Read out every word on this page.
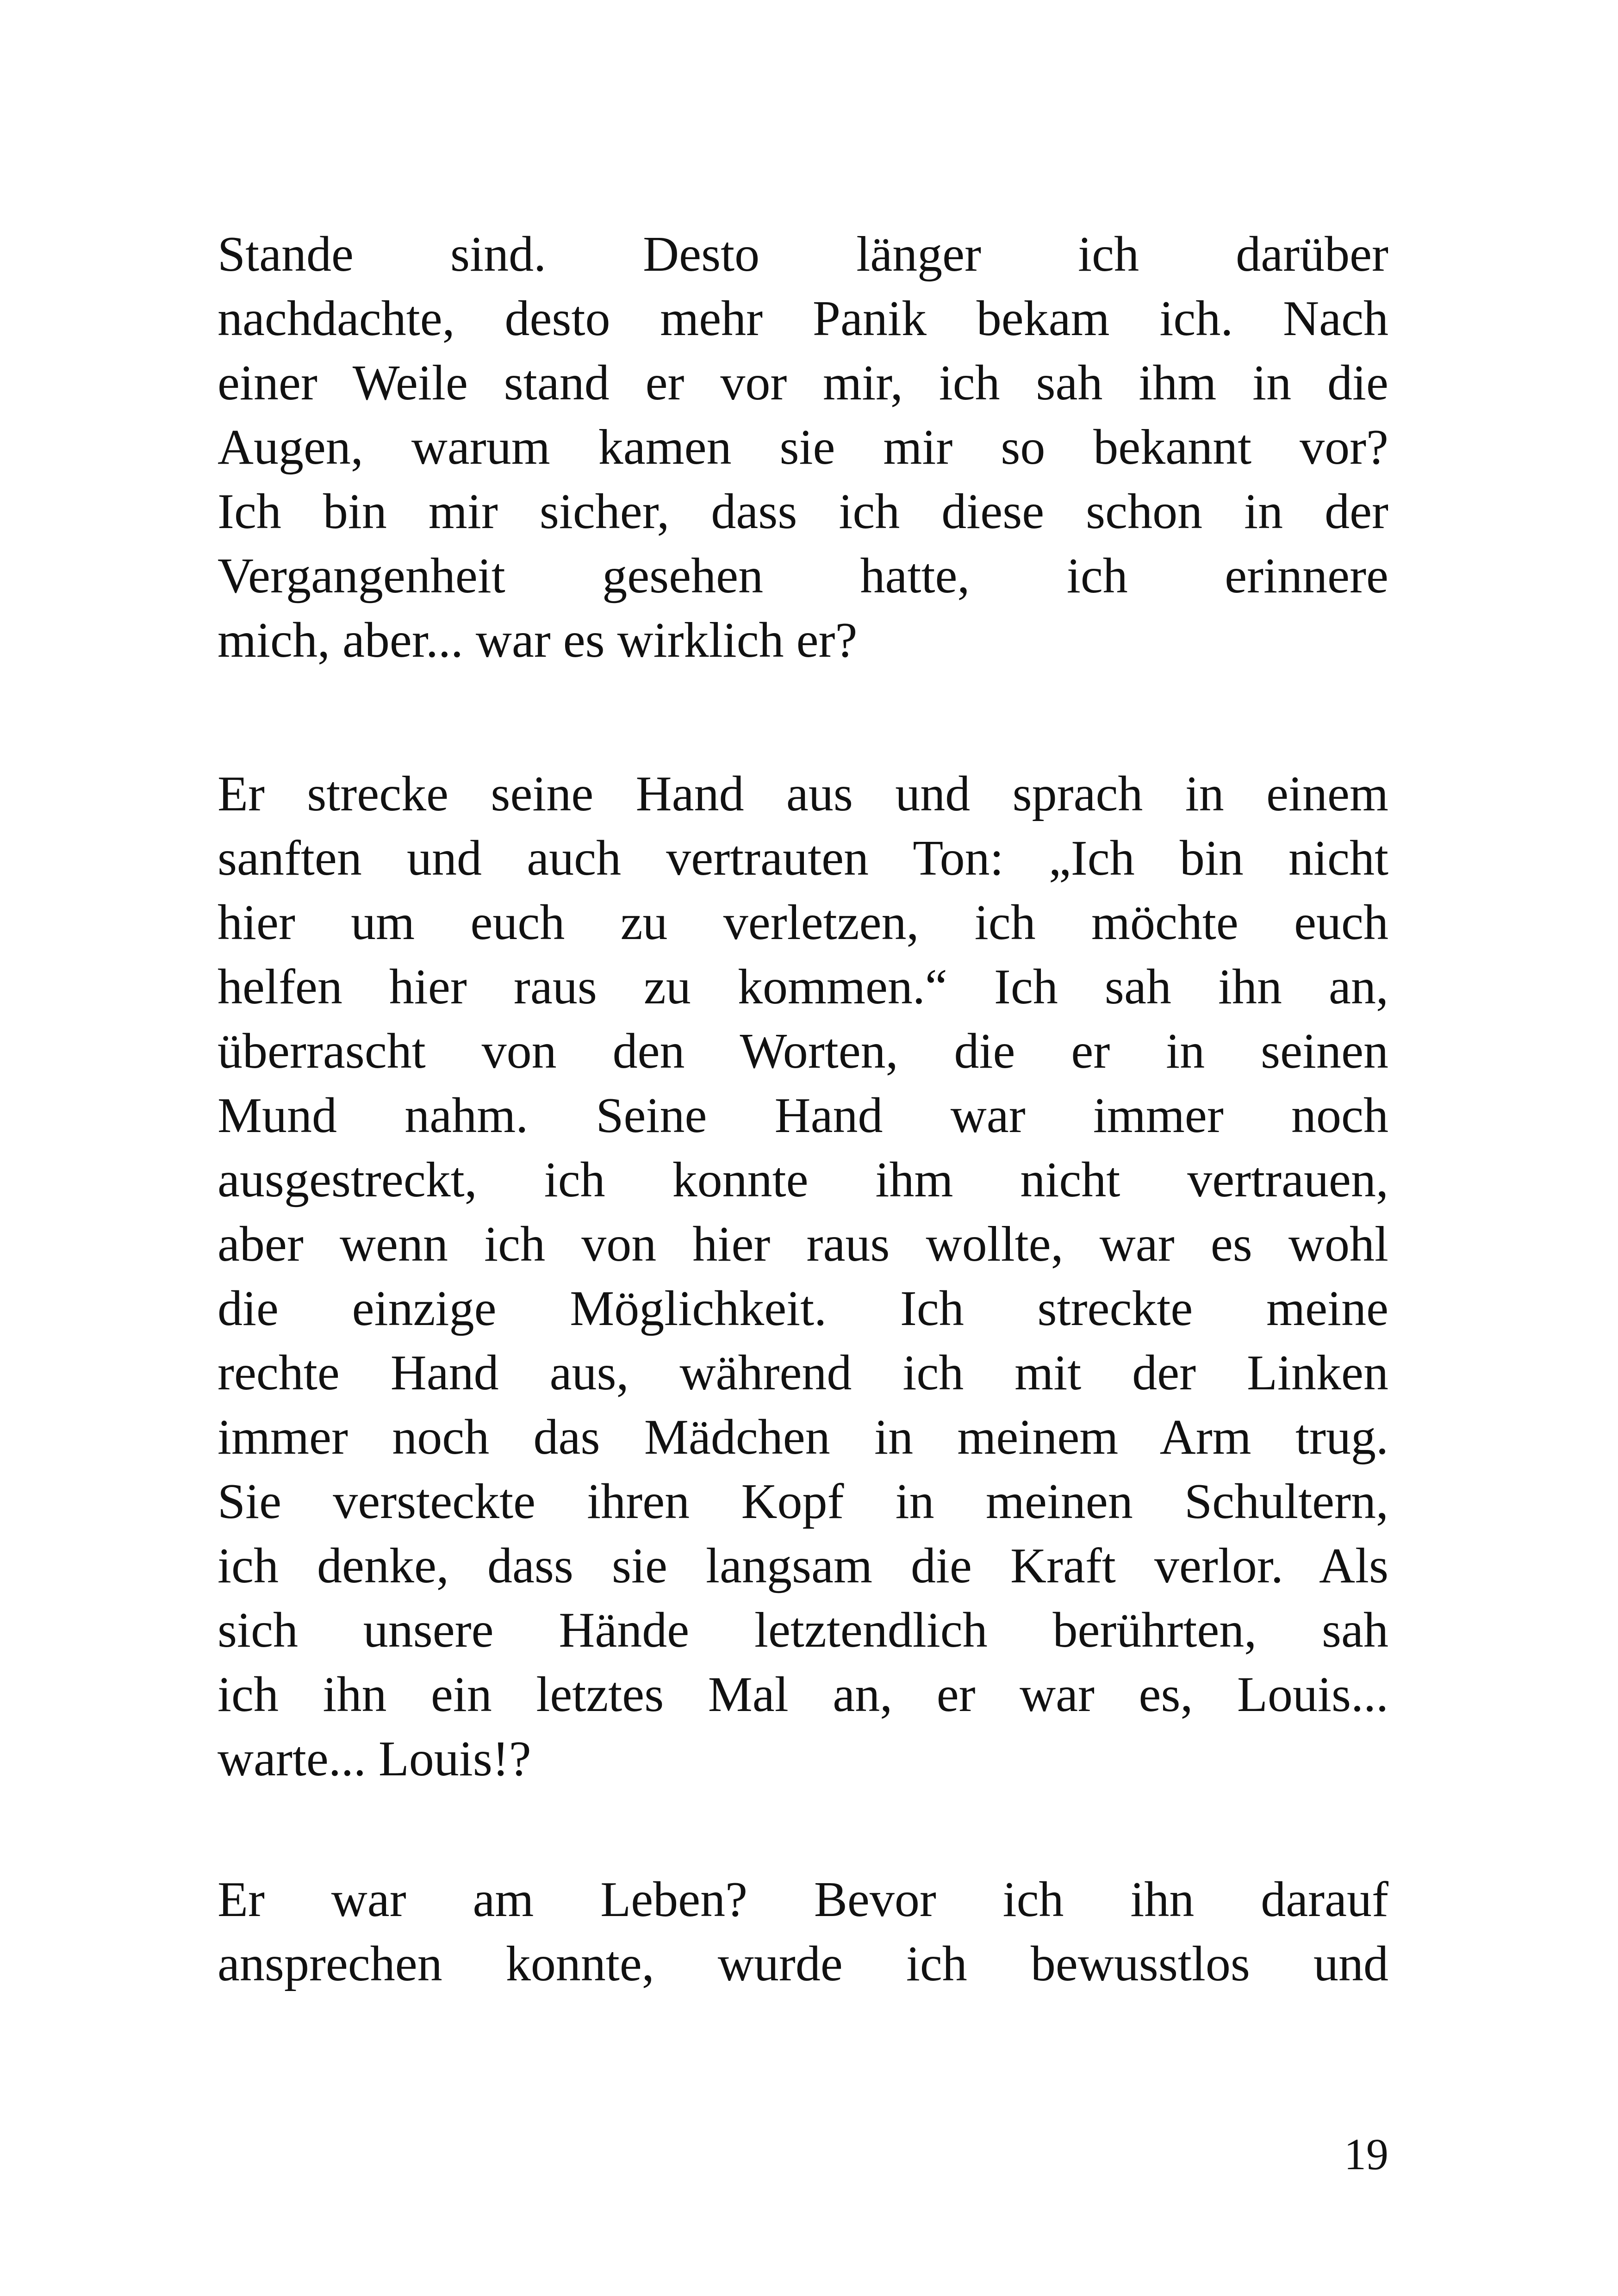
Stande sind. Desto länger ich darüber
nachdachte, desto mehr Panik bekam ich. Nach
einer Weile stand er vor mir, ich sah ihm in die
Augen, warum kamen sie mir so bekannt vor?
Ich bin mir sicher, dass ich diese schon in der
Vergangenheit gesehen hatte, ich erinnere
mich, aber... war es wirklich er?
Er strecke seine Hand aus und sprach in einem
sanften und auch vertrauten Ton: „Ich bin nicht
hier um euch zu verletzen, ich möchte euch
helfen hier raus zu kommen.“ Ich sah ihn an,
überrascht von den Worten, die er in seinen
Mund nahm. Seine Hand war immer noch
ausgestreckt, ich konnte ihm nicht vertrauen,
aber wenn ich von hier raus wollte, war es wohl
die einzige Möglichkeit. Ich streckte meine
rechte Hand aus, während ich mit der Linken
immer noch das Mädchen in meinem Arm trug.
Sie versteckte ihren Kopf in meinen Schultern,
ich denke, dass sie langsam die Kraft verlor. Als
sich unsere Hände letztendlich berührten, sah
ich ihn ein letztes Mal an, er war es, Louis...
warte... Louis!?
Er war am Leben? Bevor ich ihn darauf
ansprechen konnte, wurde ich bewusstlos und
19
